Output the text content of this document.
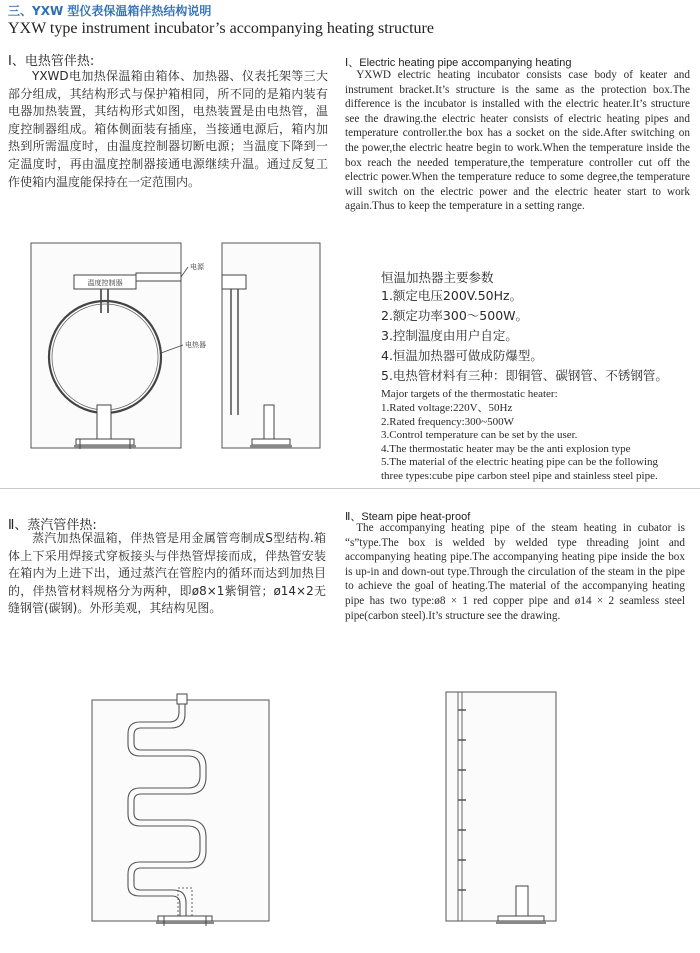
三、YXW 型仪表保温箱伴热结构说明
YXW type instrument incubator’s accompanying heating structure
Ⅰ、电热管伴热:
YXWD电加热保温箱由箱体、加热器、仪表托架等三大部分组成，其结构形式与保护箱相同，所不同的是箱内装有电器加热装置，其结构形式如图，电热装置是由电热管，温度控制器组成。箱体侧面装有插座，当接通电源后，箱内加热到所需温度时，由温度控制器切断电源；当温度下降到一定温度时，再由温度控制器接通电源继续升温。通过反复工作使箱内温度能保持在一定范围内。
Ⅰ、Electric heating pipe accompanying heating
YXWD electric heating incubator consists case body of keater and instrument bracket.It’s structure is the same as the protection box.The difference is the incubator is installed with the electric heater.It’s structure see the drawing.the electric heater consists of electric heating pipes and temperature controller.the box has a socket on the side.After switching on the power,the electric heatre begin to work.When the temperature inside the box reach the needed temperature,the temperature controller cut off the electric power.When the temperature reduce to some degree,the temperature will switch on the electric power and the electric heater start to work again.Thus to keep the temperature in a setting range.
温度控制器
电源
电热器
恒温加热器主要参数
1.额定电压200V.50Hz。
2.额定功率300～500W。
3.控制温度由用户自定。
4.恒温加热器可做成防爆型。
5.电热管材料有三种：即铜管、碳钢管、不锈钢管。
Major targets of the thermostatic heater:
1.Rated voltage:220V、50Hz
2.Rated frequency:300~500W
3.Control temperature can be set by the user.
4.The thermostatic heater may be the anti explosion type
5.The material of the electric heating pipe can be the following three types:cube pipe carbon steel pipe and stainless steel pipe.
Ⅱ、蒸汽管伴热:
蒸汽加热保温箱，伴热管是用金属管弯制成S型结构.箱体上下采用焊接式穿板接头与伴热管焊接而成，伴热管安装在箱内为上进下出，通过蒸汽在管腔内的循环而达到加热目的，伴热管材料规格分为两种，即ø8×1紫铜管；ø14×2无缝钢管(碳钢)。外形美观，其结构见图。
Ⅱ、Steam pipe heat-proof
The accompanying heating pipe of the steam heating in cubator is “s”type.The box is welded by welded type threading joint and accompanying heating pipe.The accompanying heating pipe inside the box is up-in and down-out type.Through the circulation of the steam in the pipe to achieve the goal of heating.The material of the accompanying heating pipe has two type:ø8 × 1 red copper pipe and ø14 × 2 seamless steel pipe(carbon steel).It’s structure see the drawing.
